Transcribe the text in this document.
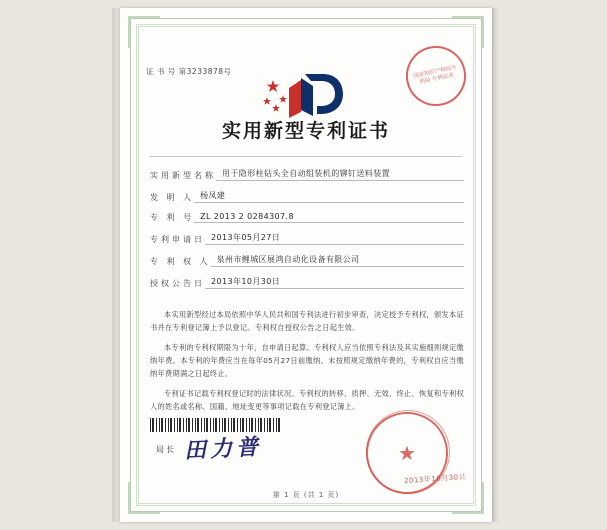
证 书 号 第3233878号	国家知识产权局专利局 专利证书
实用新型专利证书
实用新型名称 用于隐形柱钻头全自动组装机的铆钉送料装置
发 明 人 杨凤建
专 利 号 ZL 2013 2 0284307.8
专利申请日 2013年05月27日
专 利 权 人 泉州市鲤城区展鸿自动化设备有限公司
授权公告日 2013年10月30日

本实用新型经过本局依照中华人民共和国专利法进行初步审查，决定授予专利权，颁发本证书并在专利登记簿上予以登记。专利权自授权公告之日起生效。

本专利的专利权期限为十年，自申请日起算。专利权人应当依照专利法及其实施细则规定缴纳年费。本专利的年费应当在每年05月27日前缴纳。未按照规定缴纳年费的，专利权自应当缴纳年费期满之日起终止。

专利证书记载专利权登记时的法律状况。专利权的转移、质押、无效、终止、恢复和专利权人的姓名或名称、国籍、地址变更等事项记载在专利登记簿上。

局长 田力普	★
2013年10月30日
第 1 页 (共 1 页)
